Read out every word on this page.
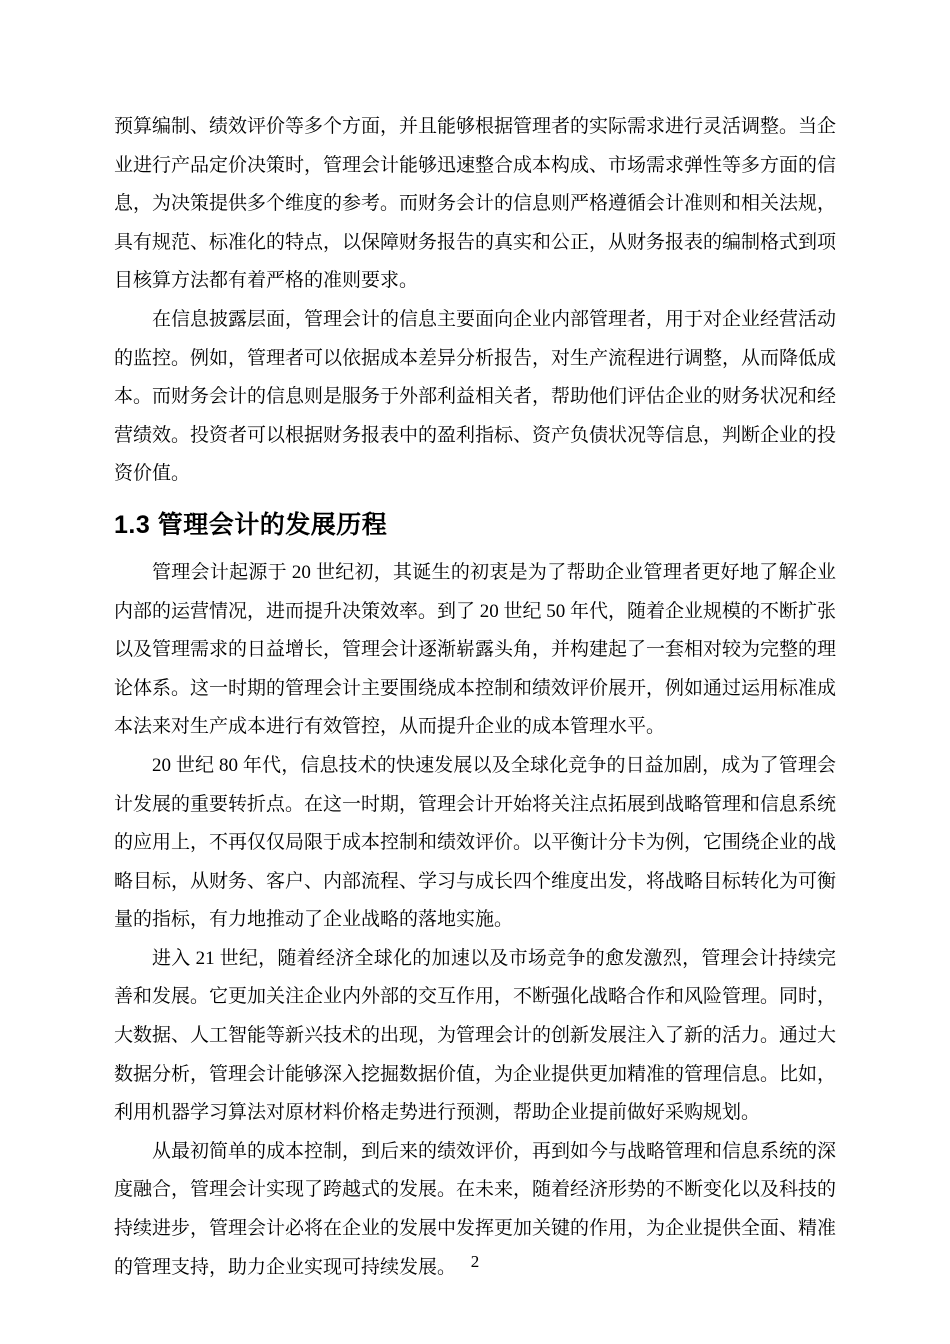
预算编制、绩效评价等多个方面，并且能够根据管理者的实际需求进行灵活调整。当企业进行产品定价决策时，管理会计能够迅速整合成本构成、市场需求弹性等多方面的信息，为决策提供多个维度的参考。而财务会计的信息则严格遵循会计准则和相关法规，具有规范、标准化的特点，以保障财务报告的真实和公正，从财务报表的编制格式到项目核算方法都有着严格的准则要求。

在信息披露层面，管理会计的信息主要面向企业内部管理者，用于对企业经营活动的监控。例如，管理者可以依据成本差异分析报告，对生产流程进行调整，从而降低成本。而财务会计的信息则是服务于外部利益相关者，帮助他们评估企业的财务状况和经营绩效。投资者可以根据财务报表中的盈利指标、资产负债状况等信息，判断企业的投资价值。

1.3 管理会计的发展历程

管理会计起源于 20 世纪初，其诞生的初衷是为了帮助企业管理者更好地了解企业内部的运营情况，进而提升决策效率。到了 20 世纪 50 年代，随着企业规模的不断扩张以及管理需求的日益增长，管理会计逐渐崭露头角，并构建起了一套相对较为完整的理论体系。这一时期的管理会计主要围绕成本控制和绩效评价展开，例如通过运用标准成本法来对生产成本进行有效管控，从而提升企业的成本管理水平。

20 世纪 80 年代，信息技术的快速发展以及全球化竞争的日益加剧，成为了管理会计发展的重要转折点。在这一时期，管理会计开始将关注点拓展到战略管理和信息系统的应用上，不再仅仅局限于成本控制和绩效评价。以平衡计分卡为例，它围绕企业的战略目标，从财务、客户、内部流程、学习与成长四个维度出发，将战略目标转化为可衡量的指标，有力地推动了企业战略的落地实施。

进入 21 世纪，随着经济全球化的加速以及市场竞争的愈发激烈，管理会计持续完善和发展。它更加关注企业内外部的交互作用，不断强化战略合作和风险管理。同时，大数据、人工智能等新兴技术的出现，为管理会计的创新发展注入了新的活力。通过大数据分析，管理会计能够深入挖掘数据价值，为企业提供更加精准的管理信息。比如，利用机器学习算法对原材料价格走势进行预测，帮助企业提前做好采购规划。

从最初简单的成本控制，到后来的绩效评价，再到如今与战略管理和信息系统的深度融合，管理会计实现了跨越式的发展。在未来，随着经济形势的不断变化以及科技的持续进步，管理会计必将在企业的发展中发挥更加关键的作用，为企业提供全面、精准的管理支持，助力企业实现可持续发展。 2
